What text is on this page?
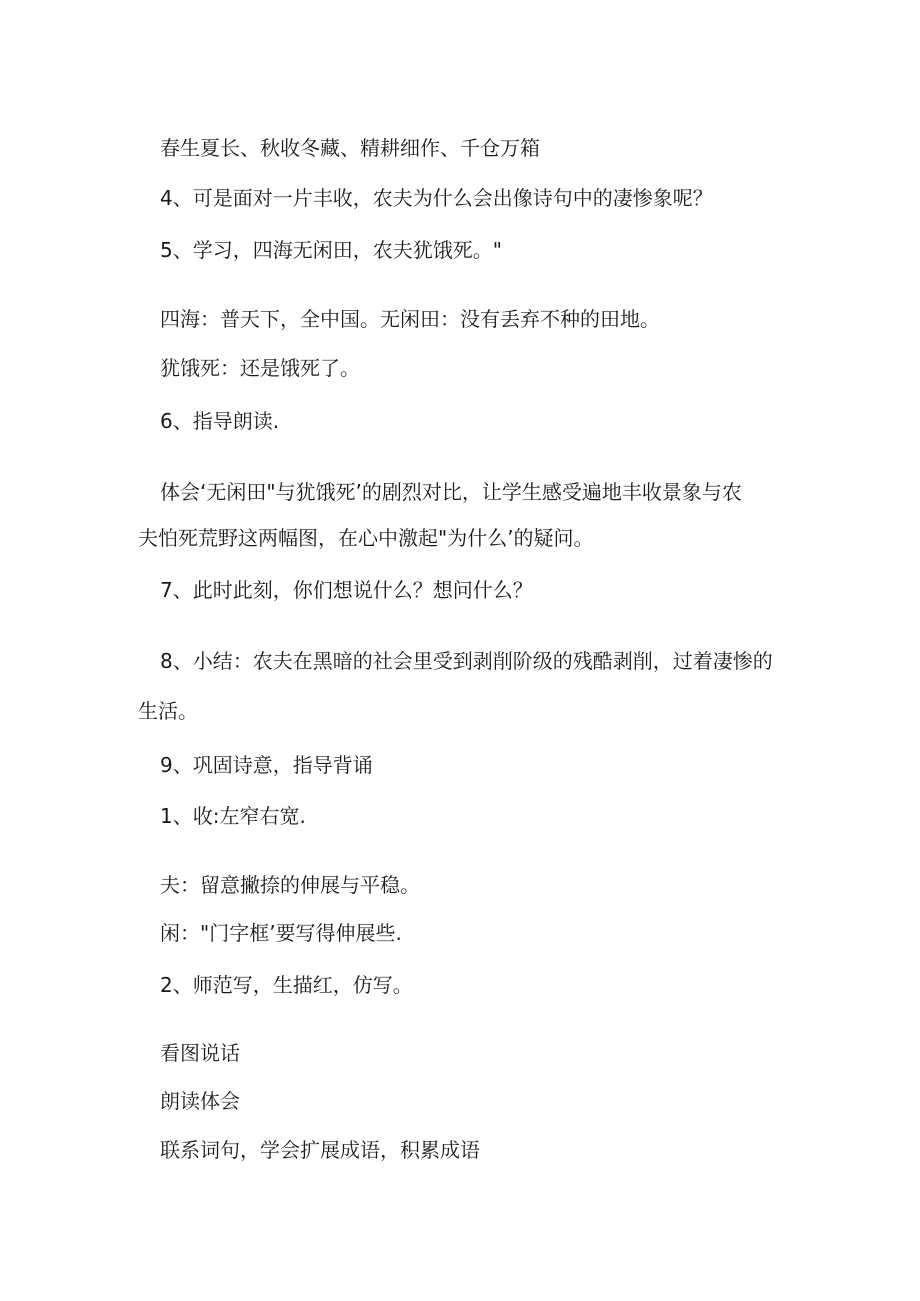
春生夏长、秋收冬藏、精耕细作、千仓万箱

4、可是面对一片丰收，农夫为什么会出像诗句中的凄惨象呢？

5、学习，四海无闲田，农夫犹饿死。"

四海：普天下，全中国。无闲田：没有丢弃不种的田地。

犹饿死：还是饿死了。

6、指导朗读.

体会‘无闲田"与犹饿死’的剧烈对比，让学生感受遍地丰收景象与农

夫怕死荒野这两幅图，在心中激起"为什么’的疑问。

7、此时此刻，你们想说什么？想问什么？

8、小结：农夫在黑暗的社会里受到剥削阶级的残酷剥削，过着凄惨的

生活。

9、巩固诗意，指导背诵

1、收:左窄右宽.

夫：留意撇捺的伸展与平稳。

闲："门字框’要写得伸展些.

2、师范写，生描红，仿写。

看图说话

朗读体会

联系词句，学会扩展成语，积累成语
